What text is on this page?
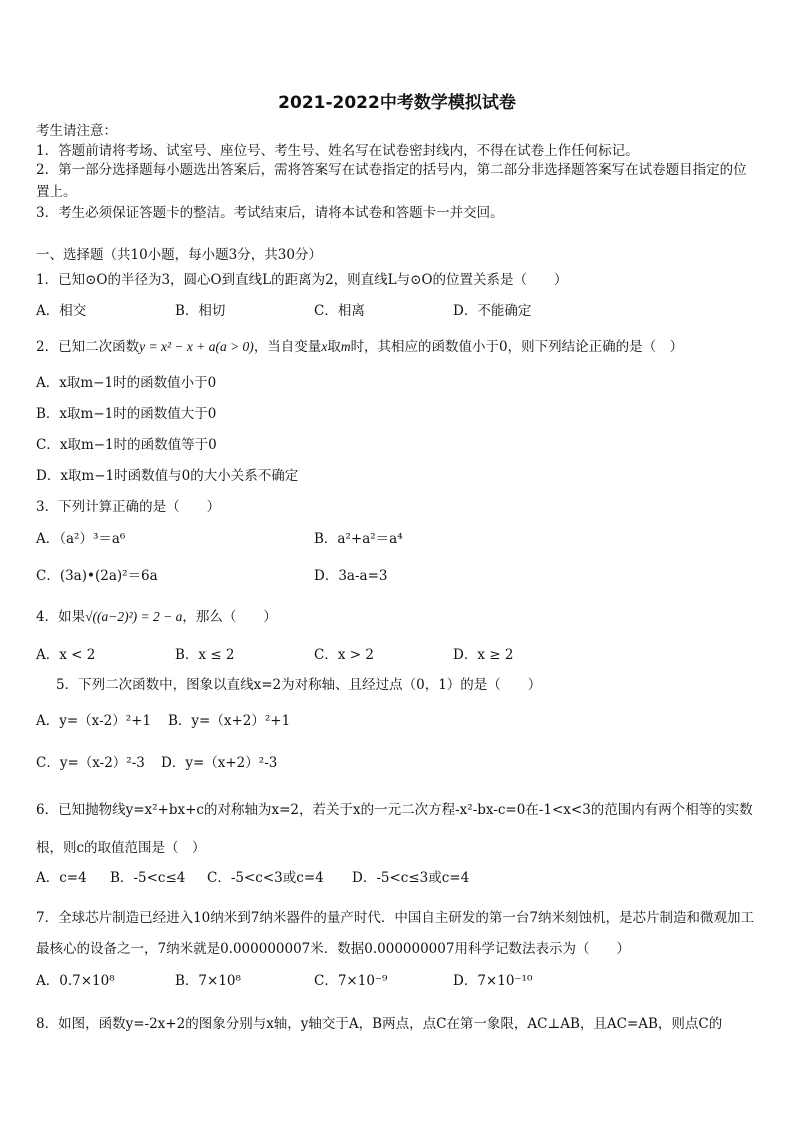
2021-2022中考数学模拟试卷
考生请注意：
1．答题前请将考场、试室号、座位号、考生号、姓名写在试卷密封线内，不得在试卷上作任何标记。
2．第一部分选择题每小题选出答案后，需将答案写在试卷指定的括号内，第二部分非选择题答案写在试卷题目指定的位置上。
3．考生必须保证答题卡的整洁。考试结束后，请将本试卷和答题卡一并交回。
一、选择题（共10小题，每小题3分，共30分）
1．已知⊙O的半径为3，圆心O到直线L的距离为2，则直线L与⊙O的位置关系是（　　）
A．相交	B．相切	C．相离	D．不能确定
2．已知二次函数y = x² − x + a(a > 0)，当自变量x取m时，其相应的函数值小于0，则下列结论正确的是（　）
A．x取m−1时的函数值小于0
B．x取m−1时的函数值大于0
C．x取m−1时的函数值等于0
D．x取m−1时函数值与0的大小关系不确定
3．下列计算正确的是（　　）
A．（a²）³＝a⁶	B．a²+a²＝a⁴
C．(3a)•(2a)²＝6a	D．3a-a=3
4．如果√((a−2)²) = 2 − a，那么（　　）
A．x < 2	B．x ≤ 2	C．x > 2	D．x ≥ 2
5．下列二次函数中，图象以直线x=2为对称轴、且经过点（0，1）的是（　　）
A．y=（x-2）²+1 B．y=（x+2）²+1
C．y=（x-2）²-3 D．y=（x+2）²-3
6．已知抛物线y=x²+bx+c的对称轴为x=2，若关于x的一元二次方程-x²-bx-c=0在-1<x<3的范围内有两个相等的实数根，则c的取值范围是（　）
A．c=4 B．-5<c≤4 C．-5<c<3或c=4 D．-5<c≤3或c=4
7．全球芯片制造已经进入10纳米到7纳米器件的量产时代．中国自主研发的第一台7纳米刻蚀机，是芯片制造和微观加工最核心的设备之一，7纳米就是0.000000007米．数据0.000000007用科学记数法表示为（　　）
A．0.7×10⁸	B．7×10⁸	C．7×10⁻⁹	D．7×10⁻¹⁰
8．如图，函数y=-2x+2的图象分别与x轴，y轴交于A，B两点，点C在第一象限，AC⊥AB，且AC=AB，则点C的
